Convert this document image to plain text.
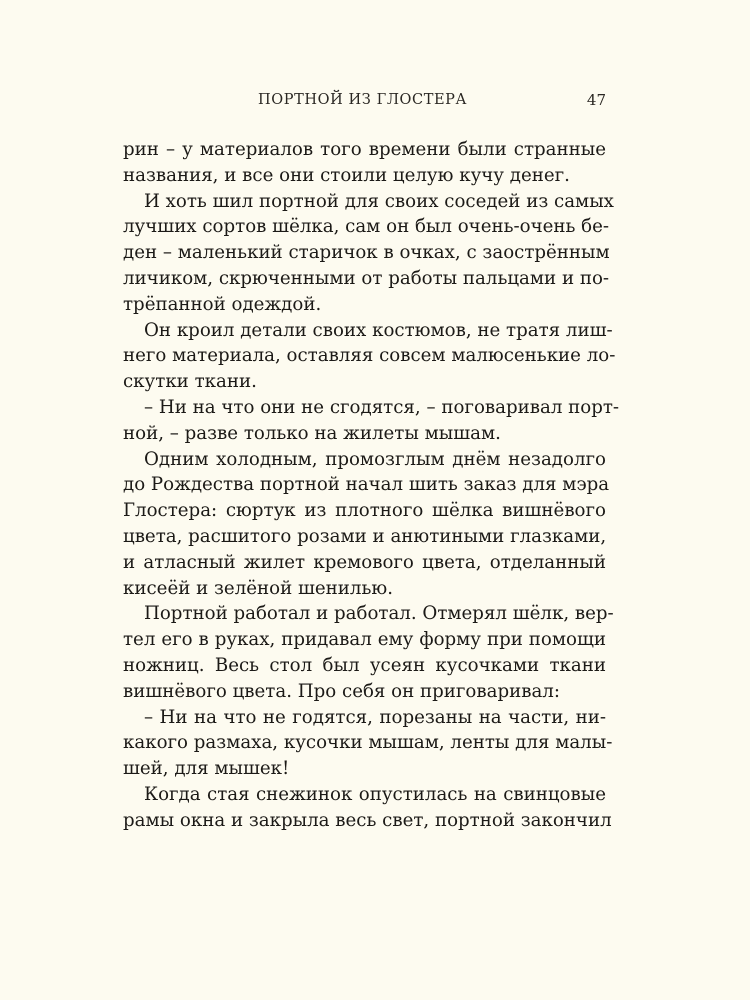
ПОРТНОЙ ИЗ ГЛОСТЕРА	47
рин – у материалов того времени были странные
названия, и все они стоили целую кучу денег.
И хоть шил портной для своих соседей из самых
лучших сортов шёлка, сам он был очень-очень бе-
ден – маленький старичок в очках, с заострённым
личиком, скрюченными от работы пальцами и по-
трёпанной одеждой.
Он кроил детали своих костюмов, не тратя лиш-
него материала, оставляя совсем малюсенькие ло-
скутки ткани.
– Ни на что они не сгодятся, – поговаривал порт-
ной, – разве только на жилеты мышам.
Одним холодным, промозглым днём незадолго
до Рождества портной начал шить заказ для мэра
Глостера: сюртук из плотного шёлка вишнёвого
цвета, расшитого розами и анютиными глазками,
и атласный жилет кремового цвета, отделанный
кисеёй и зелёной шенилью.
Портной работал и работал. Отмерял шёлк, вер-
тел его в руках, придавал ему форму при помощи
ножниц. Весь стол был усеян кусочками ткани
вишнёвого цвета. Про себя он приговаривал:
– Ни на что не годятся, порезаны на части, ни-
какого размаха, кусочки мышам, ленты для малы-
шей, для мышек!
Когда стая снежинок опустилась на свинцовые
рамы окна и закрыла весь свет, портной закончил
